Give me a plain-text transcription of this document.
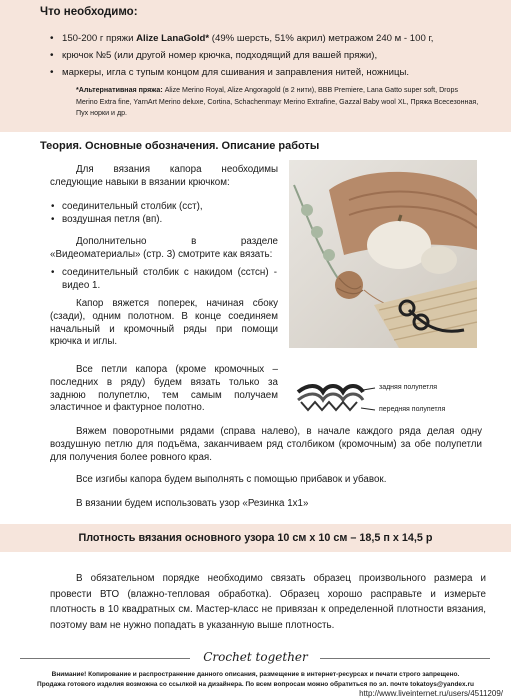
Что необходимо:
• 150-200 г пряжи Alize LanaGold* (49% шерсть, 51% акрил) метражом 240 м - 100 г,
• крючок №5 (или другой номер крючка, подходящий для вашей пряжи),
• маркеры, игла с тупым концом для сшивания и заправления нитей, ножницы.
*Альтернативная пряжа: Alize Merino Royal, Alize Angoragold (в 2 нити), BBB Premiere, Lana Gatto super soft, Drops Merino Extra fine, YarnArt Merino deluxe, Cortina, Schachenmayr Merino Extrafine, Gazzal Baby wool XL, Пряжа Всесезонная, Пух норки и др.
Теория. Основные обозначения. Описание работы
Для вязания капора необходимы следующие навыки в вязании крючком:
• соединительный столбик (сст),
• воздушная петля (вп).
Дополнительно в разделе «Видеоматериалы» (стр. 3) смотрите как вязать:
• соединительный столбик с накидом (сстсн) - видео 1.
Капор вяжется поперек, начиная сбоку (сзади), одним полотном. В конце соединяем начальный и кромочный ряды при помощи крючка и иглы.
Все петли капора (кроме кромочных – последних в ряду) будем вязать только за заднюю полупетлю, тем самым получаем эластичное и фактурное полотно.
задняя полупетля
передняя полупетля
Вяжем поворотными рядами (справа налево), в начале каждого ряда делая одну воздушную петлю для подъёма, заканчиваем ряд столбиком (кромочным) за обе полупетли для получения более ровного края.
Все изгибы капора будем выполнять с помощью прибавок и убавок.
В вязании будем использовать узор «Резинка 1х1»
Плотность вязания основного узора 10 см х 10 см – 18,5 п х 14,5 р
В обязательном порядке необходимо связать образец произвольного размера и провести ВТО (влажно-тепловая обработка). Образец хорошо расправьте и измерьте плотность в 10 квадратных см. Мастер-класс не привязан к определенной плотности вязания, поэтому вам не нужно попадать в указанную выше плотность.
Crochet together
Внимание! Копирование и распространение данного описания, размещение в интернет-ресурсах и печати строго запрещено.
Продажа готового изделия возможна со ссылкой на дизайнера. По всем вопросам можно обратиться по эл. почте tokatoys@yandex.ru
http://www.liveinternet.ru/users/4511209/
